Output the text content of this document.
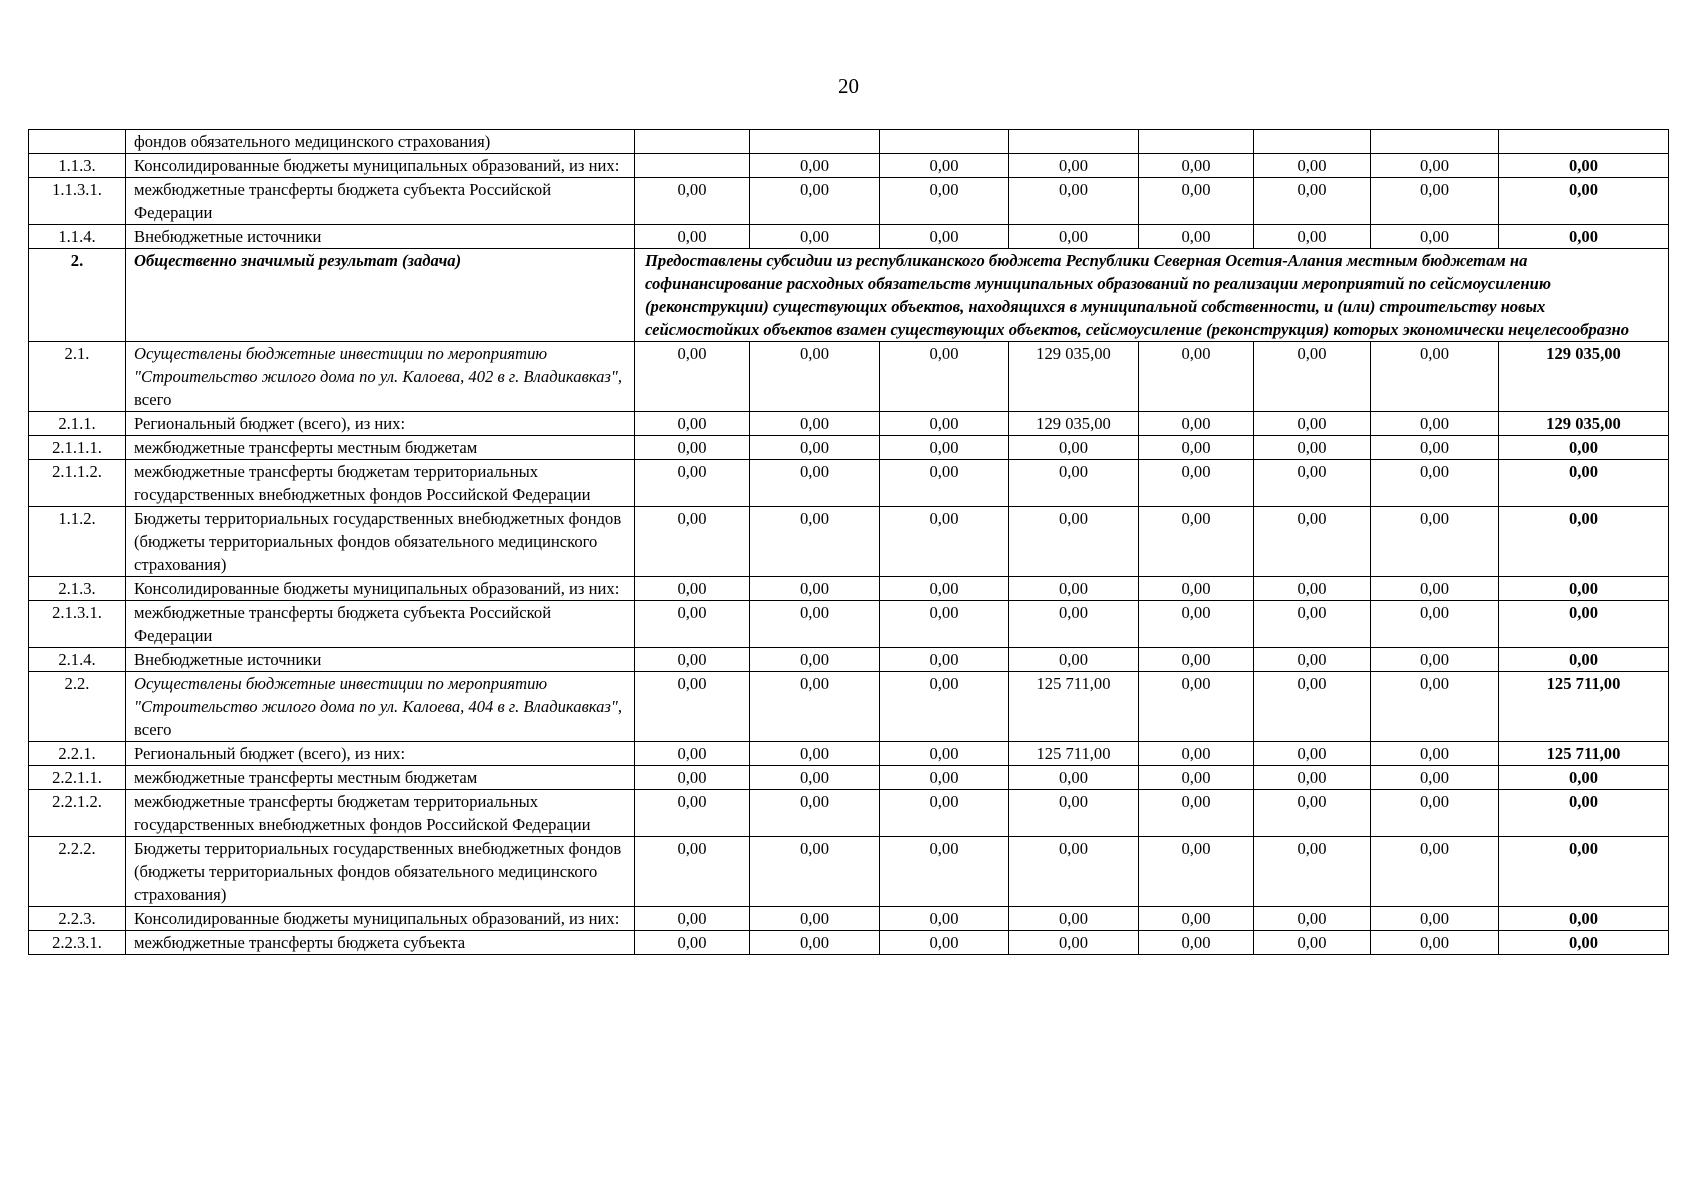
20
	фондов обязательного медицинского страхования)								
1.1.3.	Консолидированные бюджеты муниципальных образований, из них:		0,00	0,00	0,00	0,00	0,00	0,00	0,00
1.1.3.1.	межбюджетные трансферты бюджета субъекта Российской Федерации	0,00	0,00	0,00	0,00	0,00	0,00	0,00	0,00
1.1.4.	Внебюджетные источники	0,00	0,00	0,00	0,00	0,00	0,00	0,00	0,00
2.	Общественно значимый результат (задача)	Предоставлены субсидии из республиканского бюджета Республики Северная Осетия-Алания местным бюджетам на софинансирование расходных обязательств муниципальных образований по реализации мероприятий по сейсмоусилению (реконструкции) существующих объектов, находящихся в муниципальной собственности, и (или) строительству новых сейсмостойких объектов взамен существующих объектов, сейсмоусиление (реконструкция) которых экономически нецелесообразно							
2.1.	Осуществлены бюджетные инвестиции по мероприятию "Строительство жилого дома по ул. Калоева, 402 в г. Владикавказ", всего	0,00	0,00	0,00	129 035,00	0,00	0,00	0,00	129 035,00
2.1.1.	Региональный бюджет (всего), из них:	0,00	0,00	0,00	129 035,00	0,00	0,00	0,00	129 035,00
2.1.1.1.	межбюджетные трансферты местным бюджетам	0,00	0,00	0,00	0,00	0,00	0,00	0,00	0,00
2.1.1.2.	межбюджетные трансферты бюджетам территориальных государственных внебюджетных фондов Российской Федерации	0,00	0,00	0,00	0,00	0,00	0,00	0,00	0,00
1.1.2.	Бюджеты территориальных государственных внебюджетных фондов (бюджеты территориальных фондов обязательного медицинского страхования)	0,00	0,00	0,00	0,00	0,00	0,00	0,00	0,00
2.1.3.	Консолидированные бюджеты муниципальных образований, из них:	0,00	0,00	0,00	0,00	0,00	0,00	0,00	0,00
2.1.3.1.	межбюджетные трансферты бюджета субъекта Российской Федерации	0,00	0,00	0,00	0,00	0,00	0,00	0,00	0,00
2.1.4.	Внебюджетные источники	0,00	0,00	0,00	0,00	0,00	0,00	0,00	0,00
2.2.	Осуществлены бюджетные инвестиции по мероприятию "Строительство жилого дома по ул. Калоева, 404 в г. Владикавказ", всего	0,00	0,00	0,00	125 711,00	0,00	0,00	0,00	125 711,00
2.2.1.	Региональный бюджет (всего), из них:	0,00	0,00	0,00	125 711,00	0,00	0,00	0,00	125 711,00
2.2.1.1.	межбюджетные трансферты местным бюджетам	0,00	0,00	0,00	0,00	0,00	0,00	0,00	0,00
2.2.1.2.	межбюджетные трансферты бюджетам территориальных государственных внебюджетных фондов Российской Федерации	0,00	0,00	0,00	0,00	0,00	0,00	0,00	0,00
2.2.2.	Бюджеты территориальных государственных внебюджетных фондов (бюджеты территориальных фондов обязательного медицинского страхования)	0,00	0,00	0,00	0,00	0,00	0,00	0,00	0,00
2.2.3.	Консолидированные бюджеты муниципальных образований, из них:	0,00	0,00	0,00	0,00	0,00	0,00	0,00	0,00
2.2.3.1.	межбюджетные трансферты бюджета субъекта	0,00	0,00	0,00	0,00	0,00	0,00	0,00	0,00
